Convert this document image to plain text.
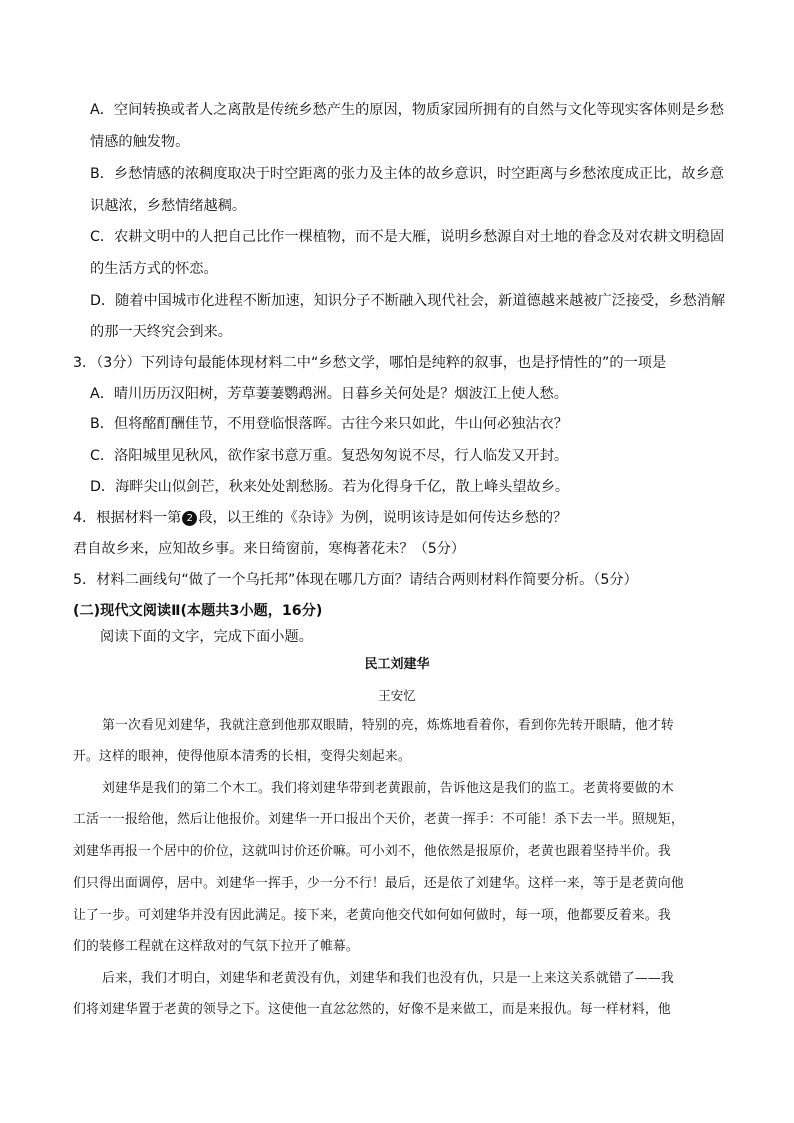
A．空间转换或者人之离散是传统乡愁产生的原因，物质家园所拥有的自然与文化等现实客体则是乡愁
情感的触发物。
B．乡愁情感的浓稠度取决于时空距离的张力及主体的故乡意识，时空距离与乡愁浓度成正比，故乡意
识越浓，乡愁情绪越稠。
C．农耕文明中的人把自己比作一棵植物，而不是大雁，说明乡愁源自对土地的眷念及对农耕文明稳固
的生活方式的怀恋。
D．随着中国城市化进程不断加速，知识分子不断融入现代社会，新道德越来越被广泛接受，乡愁消解
的那一天终究会到来。
3．（3分）下列诗句最能体现材料二中“乡愁文学，哪怕是纯粹的叙事，也是抒情性的”的一项是
A．晴川历历汉阳树，芳草萋萋鹦鹉洲。日暮乡关何处是？烟波江上使人愁。
B．但将酩酊酬佳节，不用登临恨落晖。古往今来只如此，牛山何必独沾衣？
C．洛阳城里见秋风，欲作家书意万重。复恐匆匆说不尽，行人临发又开封。
D．海畔尖山似剑芒，秋来处处割愁肠。若为化得身千亿，散上峰头望故乡。
4．根据材料一第 2 段，以王维的《杂诗》为例，说明该诗是如何传达乡愁的？
君自故乡来，应知故乡事。来日绮窗前，寒梅著花未？（5分）
5．材料二画线句“做了一个乌托邦”体现在哪几方面？请结合两则材料作简要分析。（5分）
(二)现代文阅读Ⅱ(本题共3小题，16分)
阅读下面的文字，完成下面小题。
民工刘建华
王安忆
第一次看见刘建华，我就注意到他那双眼睛，特别的亮，炼炼地看着你，看到你先转开眼睛，他才转
开。这样的眼神，使得他原本清秀的长相，变得尖刻起来。
刘建华是我们的第二个木工。我们将刘建华带到老黄跟前，告诉他这是我们的监工。老黄将要做的木
工活一一报给他，然后让他报价。刘建华一开口报出个天价，老黄一挥手：不可能！杀下去一半。照规矩，
刘建华再报一个居中的价位，这就叫讨价还价嘛。可小刘不，他依然是报原价，老黄也跟着坚持半价。我
们只得出面调停，居中。刘建华一挥手，少一分不行！最后，还是依了刘建华。这样一来，等于是老黄向他
让了一步。可刘建华并没有因此满足。接下来，老黄向他交代如何如何做时，每一项，他都要反着来。我
们的装修工程就在这样敌对的气氛下拉开了帷幕。
后来，我们才明白，刘建华和老黄没有仇，刘建华和我们也没有仇，只是一上来这关系就错了——我
们将刘建华置于老黄的领导之下。这使他一直忿忿然的，好像不是来做工，而是来报仇。每一样材料，他
